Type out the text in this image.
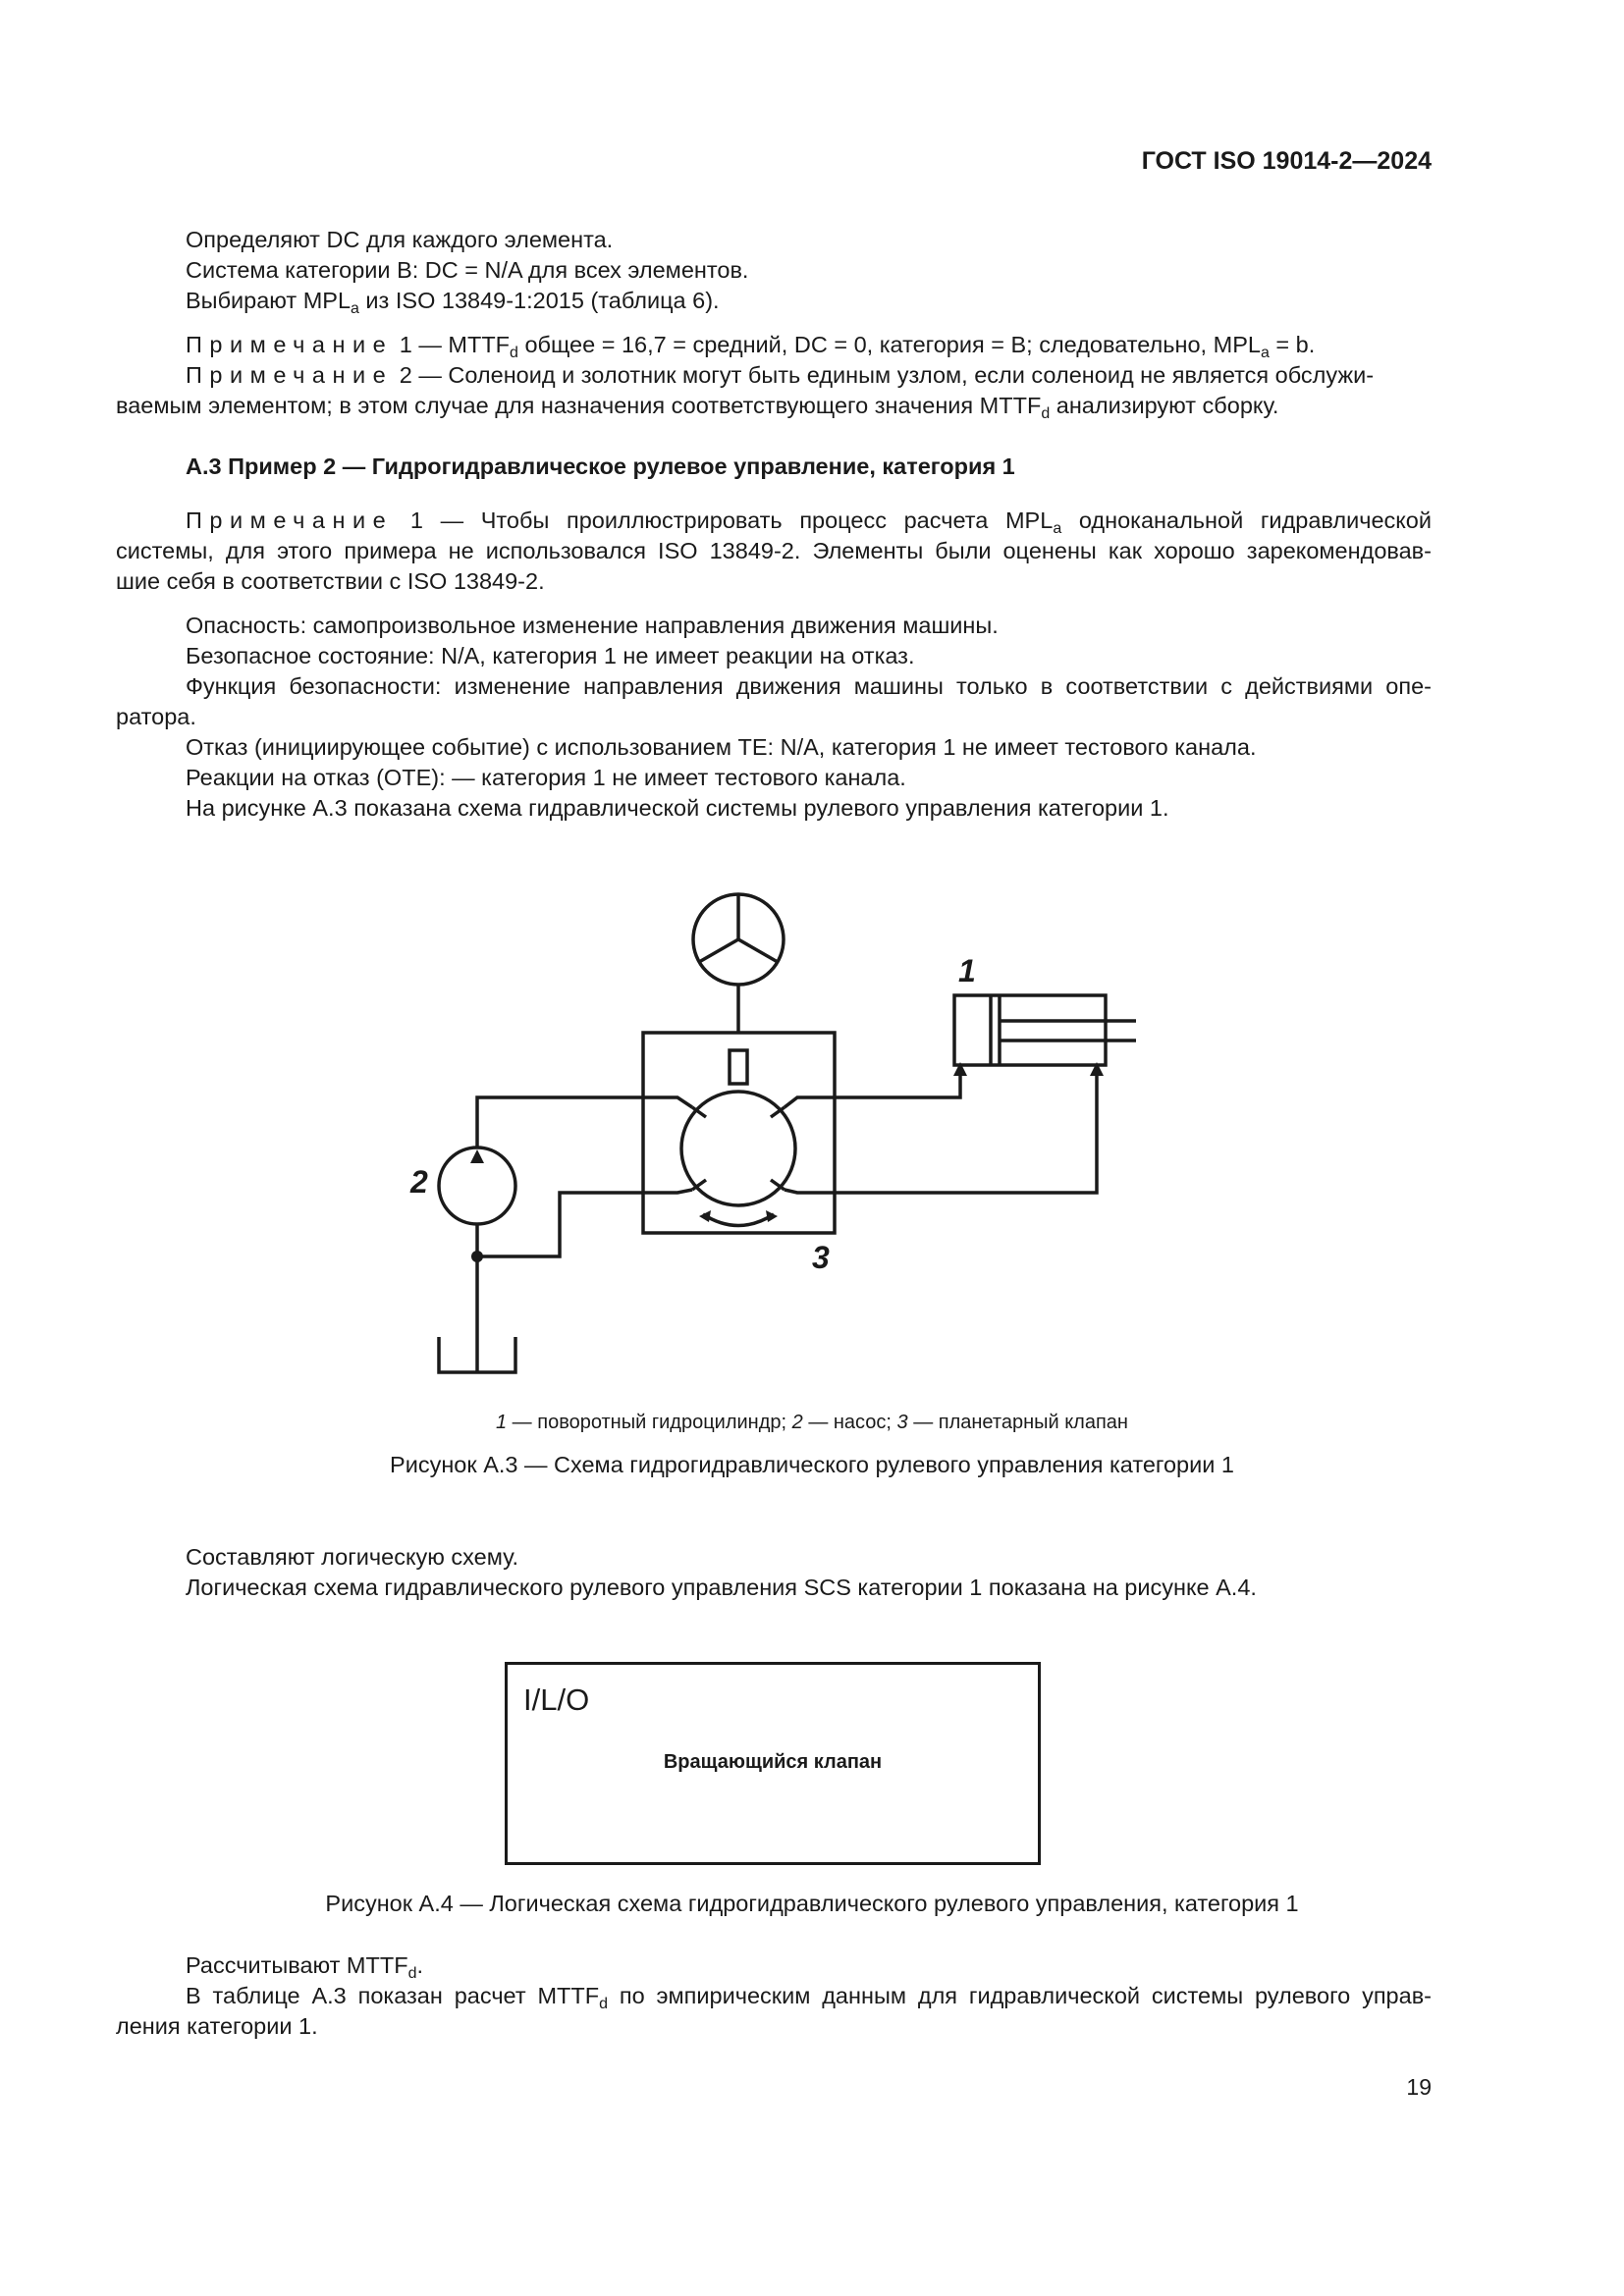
ГОСТ ISO 19014-2—2024

Определяют DC для каждого элемента.

Система категории B: DC = N/A для всех элементов.

Выбирают $MPL_a$ из ISO 13849-1:2015 (таблица 6).

Примечание 1 — $MTTF_d$ общее = 16,7 = средний, DC = 0, категория = B; следовательно, $MPL_a = b$.

Примечание 2 — Соленоид и золотник могут быть единым узлом, если соленоид не является обслужи-

ваемым элементом; в этом случае для назначения соответствующего значения $MTTF_d$ анализируют сборку.

A.3 Пример 2 — Гидрогидравлическое рулевое управление, категория 1

Примечание 1 — Чтобы проиллюстрировать процесс расчета $MPL_a$ одноканальной гидравлической

системы, для этого примера не использовался ISO 13849-2. Элементы были оценены как хорошо зарекомендовав-

шие себя в соответствии с ISO 13849-2.

Опасность: самопроизвольное изменение направления движения машины.

Безопасное состояние: N/A, категория 1 не имеет реакции на отказ.

Функция безопасности: изменение направления движения машины только в соответствии с действиями опе-

ратора.

Отказ (инициирующее событие) с использованием TE: N/A, категория 1 не имеет тестового канала.

Реакции на отказ (OTE): — категория 1 не имеет тестового канала.

На рисунке A.3 показана схема гидравлической системы рулевого управления категории 1.

1
2
3
1 — поворотный гидроцилиндр; 2 — насос; 3 — планетарный клапан
Рисунок A.3 — Схема гидрогидравлического рулевого управления категории 1

Составляют логическую схему.

Логическая схема гидравлического рулевого управления SCS категории 1 показана на рисунке A.4.

I/L/O
Вращающийся клапан
Рисунок A.4 — Логическая схема гидрогидравлического рулевого управления, категория 1

Рассчитывают $MTTF_d$.

В таблице A.3 показан расчет $MTTF_d$ по эмпирическим данным для гидравлической системы рулевого управ-

ления категории 1.

19
